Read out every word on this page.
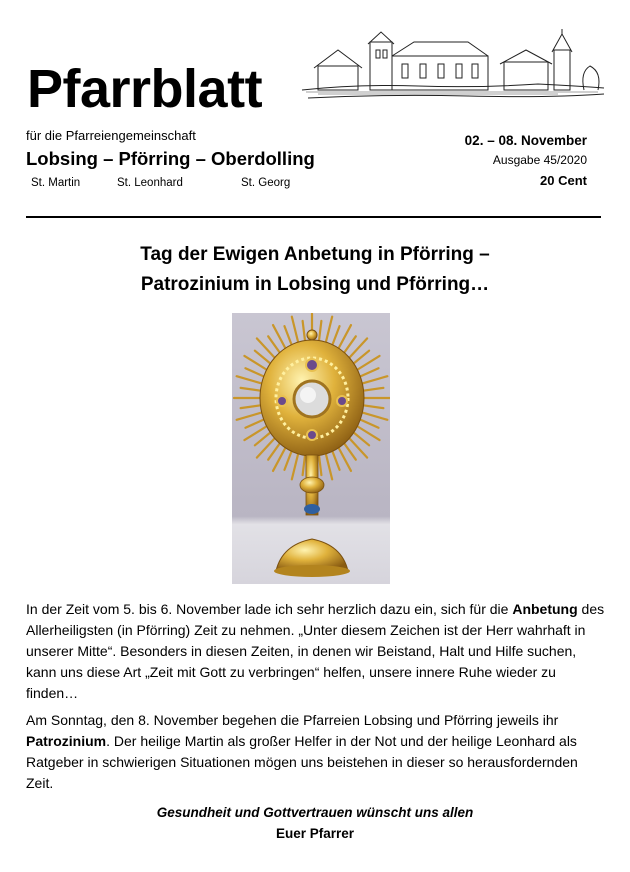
Pfarrblatt
für die Pfarreiengemeinschaft
Lobsing – Pförring – Oberdolling
St. Martin	St. Leonhard	St. Georg
02. – 08. November
Ausgabe 45/2020
20 Cent
Tag der Ewigen Anbetung in Pförring –
Patrozinium in Lobsing und Pförring…
In der Zeit vom 5. bis 6. November lade ich sehr herzlich dazu ein, sich für die Anbetung des Allerheiligsten (in Pförring) Zeit zu nehmen. „Unter diesem Zeichen ist der Herr wahrhaft in unserer Mitte“. Besonders in diesen Zeiten, in denen wir Beistand, Halt und Hilfe suchen, kann uns diese Art „Zeit mit Gott zu verbringen“ helfen, unsere innere Ruhe wieder zu finden…
Am Sonntag, den 8. November begehen die Pfarreien Lobsing und Pförring jeweils ihr Patrozinium. Der heilige Martin als großer Helfer in der Not und der heilige Leonhard als Ratgeber in schwierigen Situationen mögen uns beistehen in dieser so herausfordernden Zeit.
Gesundheit und Gottvertrauen wünscht uns allen
Euer Pfarrer
